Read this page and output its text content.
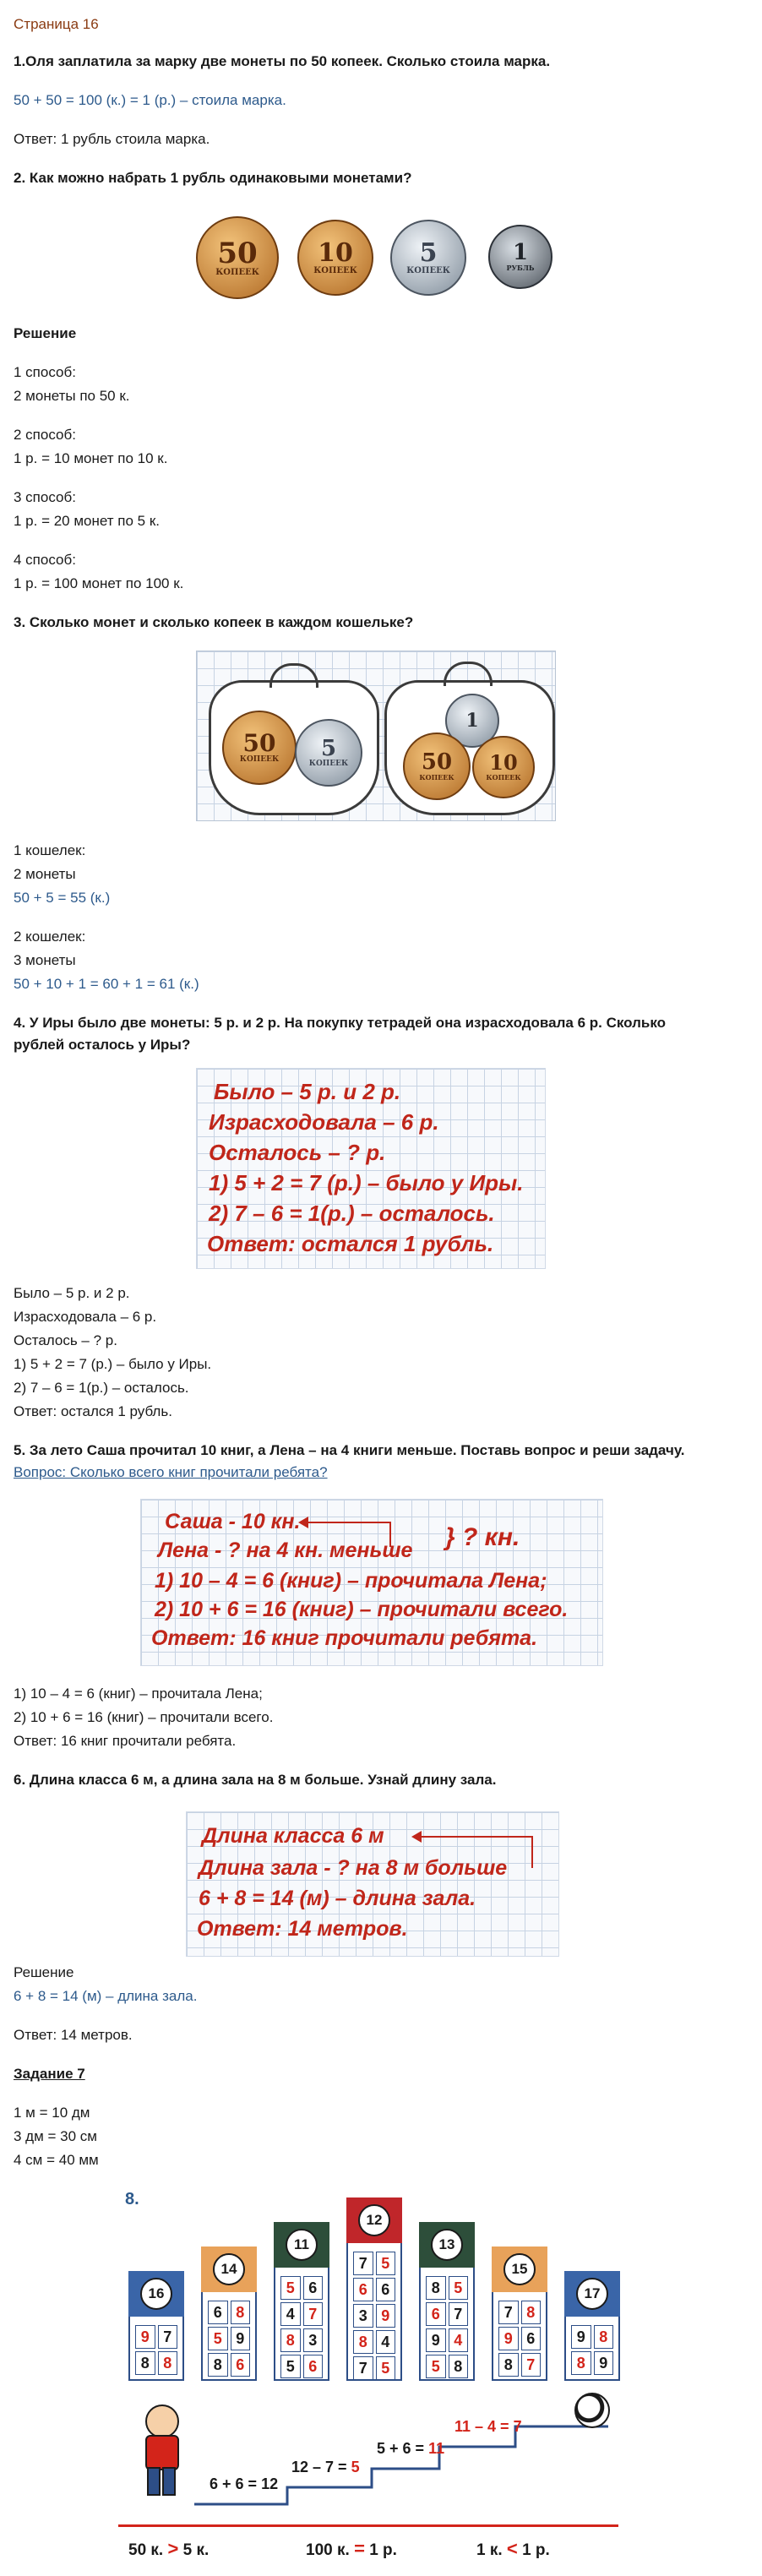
Страница 16
1.Оля заплатила за марку две монеты по 50 копеек. Сколько стоила марка.
50 + 50 = 100 (к.) = 1 (р.) – стоила марка.
Ответ: 1 рубль стоила марка.
2. Как можно набрать 1 рубль одинаковыми монетами?
50
КОПЕЕК
10
КОПЕЕК
5
КОПЕЕК
1
РУБЛЬ
Решение
1 способ:
2 монеты по 50 к.
2 способ:
1 р. = 10 монет по 10 к.
3 способ:
1 р. = 20 монет по 5 к.
4 способ:
1 р. = 100 монет по 100 к.
3. Сколько монет и сколько копеек в каждом кошельке?
50
КОПЕЕК	5
КОПЕЕК
1
50
КОПЕЕК
10
КОПЕЕК
1 кошелек:
2 монеты
50 + 5 = 55 (к.)
2 кошелек:
3 монеты
50 + 10 + 1 = 60 + 1 = 61 (к.)
4. У Иры было две монеты: 5 р. и 2 р. На покупку тетрадей она израсходовала 6 р. Сколько
рублей осталось у Иры?
Было – 5 р. и 2 р.
Израсходовала – 6 р.
Осталось – ? р.
1) 5 + 2 = 7 (р.) – было у Иры.
2) 7 – 6 = 1(р.) – осталось.
Ответ: остался 1 рубль.
Было – 5 р. и 2 р.
Израсходовала – 6 р.
Осталось – ? р.
1) 5 + 2 = 7 (р.) – было у Иры.
2) 7 – 6 = 1(р.) – осталось.
Ответ: остался 1 рубль.
5. За лето Саша прочитал 10 книг, а Лена – на 4 книги меньше. Поставь вопрос и реши задачу.
Вопрос: Сколько всего книг прочитали ребята?
Саша - 10 кн.
Лена - ? на 4 кн. меньше } ? кн.
1) 10 – 4 = 6 (книг) – прочитала Лена;
2) 10 + 6 = 16 (книг) – прочитали всего.
Ответ: 16 книг прочитали ребята.
1) 10 – 4 = 6 (книг) – прочитала Лена;
2) 10 + 6 = 16 (книг) – прочитали всего.
Ответ: 16 книг прочитали ребята.
6. Длина класса 6 м, а длина зала на 8 м больше. Узнай длину зала.
Длина класса 6 м
Длина зала - ? на 8 м больше
6 + 8 = 14 (м) – длина зала.
Ответ: 14 метров.
Решение
6 + 8 = 14 (м) – длина зала.
Ответ: 14 метров.
Задание 7
1 м = 10 дм
3 дм = 30 см
4 см = 40 мм
8.
16
9 7
8 8
14
6 8
5 9
8 6
11
5 6
4 7
8 3
5 6
12
7 5
6 6
3 9
8 4
7 5
13
8 5
6 7
9 4
5 8
15
7 8
9 6
8 7
17
9 8
8 9
6 + 6 = 12
12 – 7 = 5
5 + 6 = 11
11 – 4 = 7
50 к. > 5 к.	100 к. = 1 р.	1 к. < 1 р.
